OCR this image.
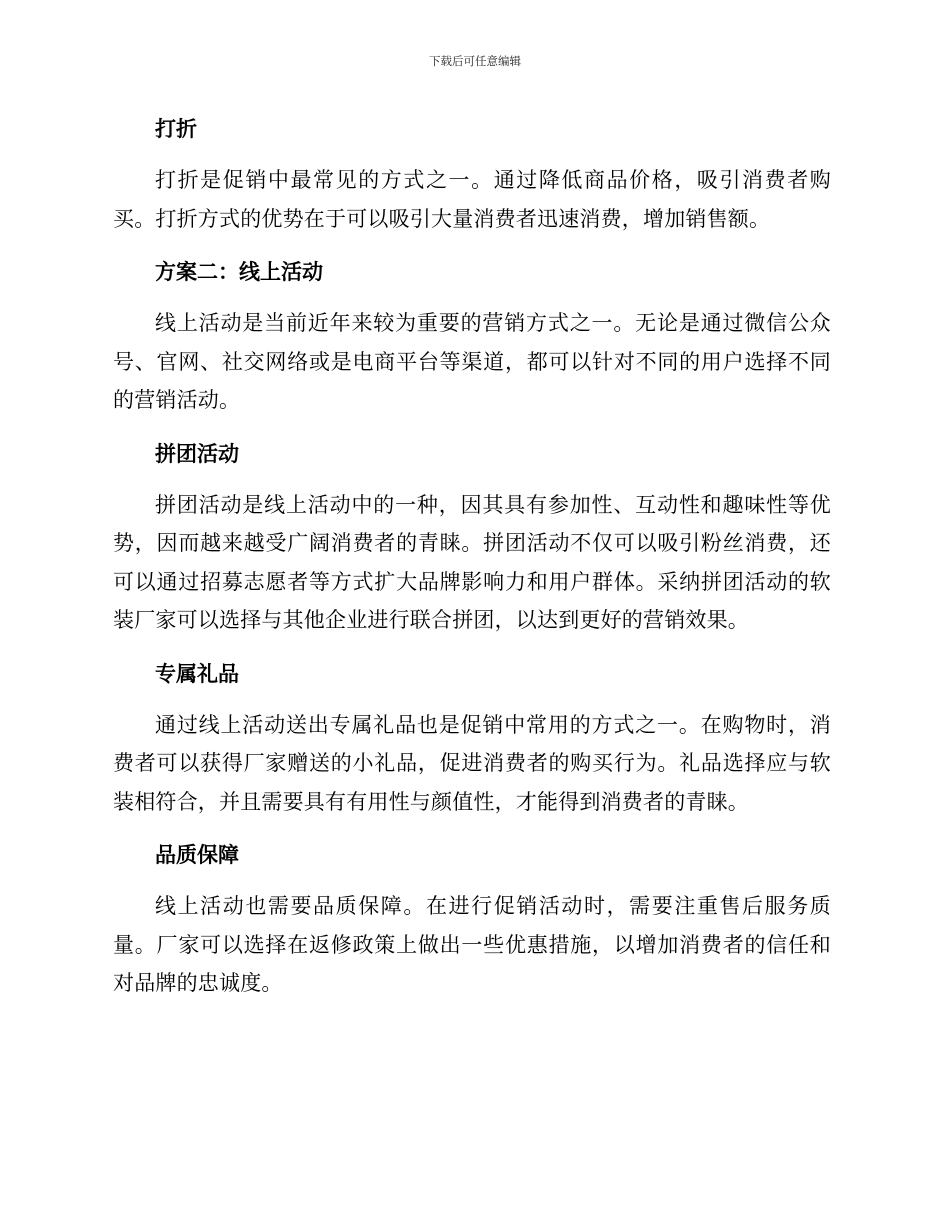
下载后可任意编辑
打折

打折是促销中最常见的方式之一。通过降低商品价格，吸引消费者购买。打折方式的优势在于可以吸引大量消费者迅速消费，增加销售额。

方案二：线上活动

线上活动是当前近年来较为重要的营销方式之一。无论是通过微信公众号、官网、社交网络或是电商平台等渠道，都可以针对不同的用户选择不同的营销活动。

拼团活动

拼团活动是线上活动中的一种，因其具有参加性、互动性和趣味性等优势，因而越来越受广阔消费者的青睐。拼团活动不仅可以吸引粉丝消费，还可以通过招募志愿者等方式扩大品牌影响力和用户群体。采纳拼团活动的软装厂家可以选择与其他企业进行联合拼团，以达到更好的营销效果。

专属礼品

通过线上活动送出专属礼品也是促销中常用的方式之一。在购物时，消费者可以获得厂家赠送的小礼品，促进消费者的购买行为。礼品选择应与软装相符合，并且需要具有有用性与颜值性，才能得到消费者的青睐。

品质保障

线上活动也需要品质保障。在进行促销活动时，需要注重售后服务质量。厂家可以选择在返修政策上做出一些优惠措施，以增加消费者的信任和对品牌的忠诚度。
